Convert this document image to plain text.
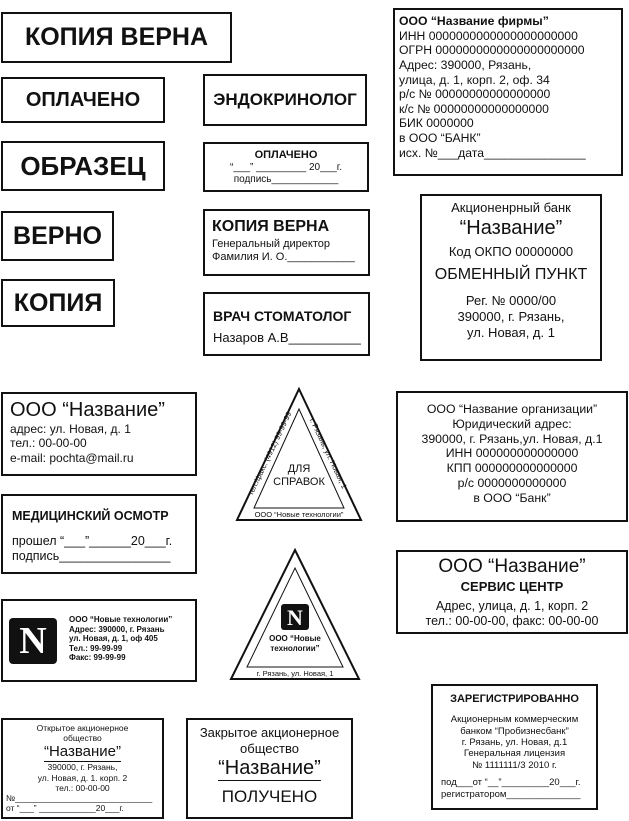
КОПИЯ ВЕРНА
ОПЛАЧЕНО
ОБРАЗЕЦ
ВЕРНО
КОПИЯ
ЭНДОКРИНОЛОГ
ОПЛАЧЕНО
“___” _________ 20___г.
подпись____________
КОПИЯ ВЕРНА
Генеральный директор
Фамилия И. О.___________
ВРАЧ СТОМАТОЛОГ
Назаров А.В__________
ООО “Название фирмы”
ИНН 0000000000000000000000
ОГРН 0000000000000000000000
Адрес: 390000, Рязань,
улица, д. 1, корп. 2, оф. 34
р/с № 00000000000000000
к/с № 00000000000000000
БИК 0000000
в ООО “БАНК”
исх. №___дата_______________
Акционенрный банк
“Название”
Код ОКПО 00000000
ОБМЕННЫЙ ПУНКТ
Рег. № 0000/00
390000, г. Рязань,
ул. Новая, д. 1
ООО “Название”
адрес: ул. Новая, д. 1
тел.: 00-00-00
e-mail: pochta@mail.ru
тел./факс: (4912) 99-99-99
г. Рязань, ул. Новая, 1
ООО “Новые технологии”
ДЛЯ
СПРАВОК
ООО “Название организации”
Юридический адрес:
390000, г. Рязань,ул. Новая, д.1
ИНН 000000000000000
КПП 000000000000000
р/с 0000000000000
в ООО “Банк”
МЕДИЦИНСКИЙ ОСМОТР
прошел “___”______20___г.
подпись________________	ООО “Название”
СЕРВИС ЦЕНТР
Адрес, улица, д. 1, корп. 2
тел.: 00-00-00, факс: 00-00-00
N
ООО “Новые технологии”
Адрес: 390000, г. Рязань
ул. Новая, д. 1, оф 405
Тел.: 99-99-99
Факс: 99-99-99
N
ООО “Новые
технологии”
г. Рязань, ул. Новая, 1
ЗАРЕГИСТРИРОВАННО
Акционерным коммерческим
банком “Пробизнесбанк”
г. Рязань, ул. Новая, д.1
Генеральная лицензия
№ 1111111/3 2010 г.
под___от “__”_________20___г.
регистратором______________
Открытое акционерное
общество
“Название”
390000, г. Рязань,
ул. Новая, д. 1. корп. 2
тел.: 00-00-00
№_____________________________
от “___” ____________20___г.
Закрытое акционерное
общество
“Название”
ПОЛУЧЕНО
